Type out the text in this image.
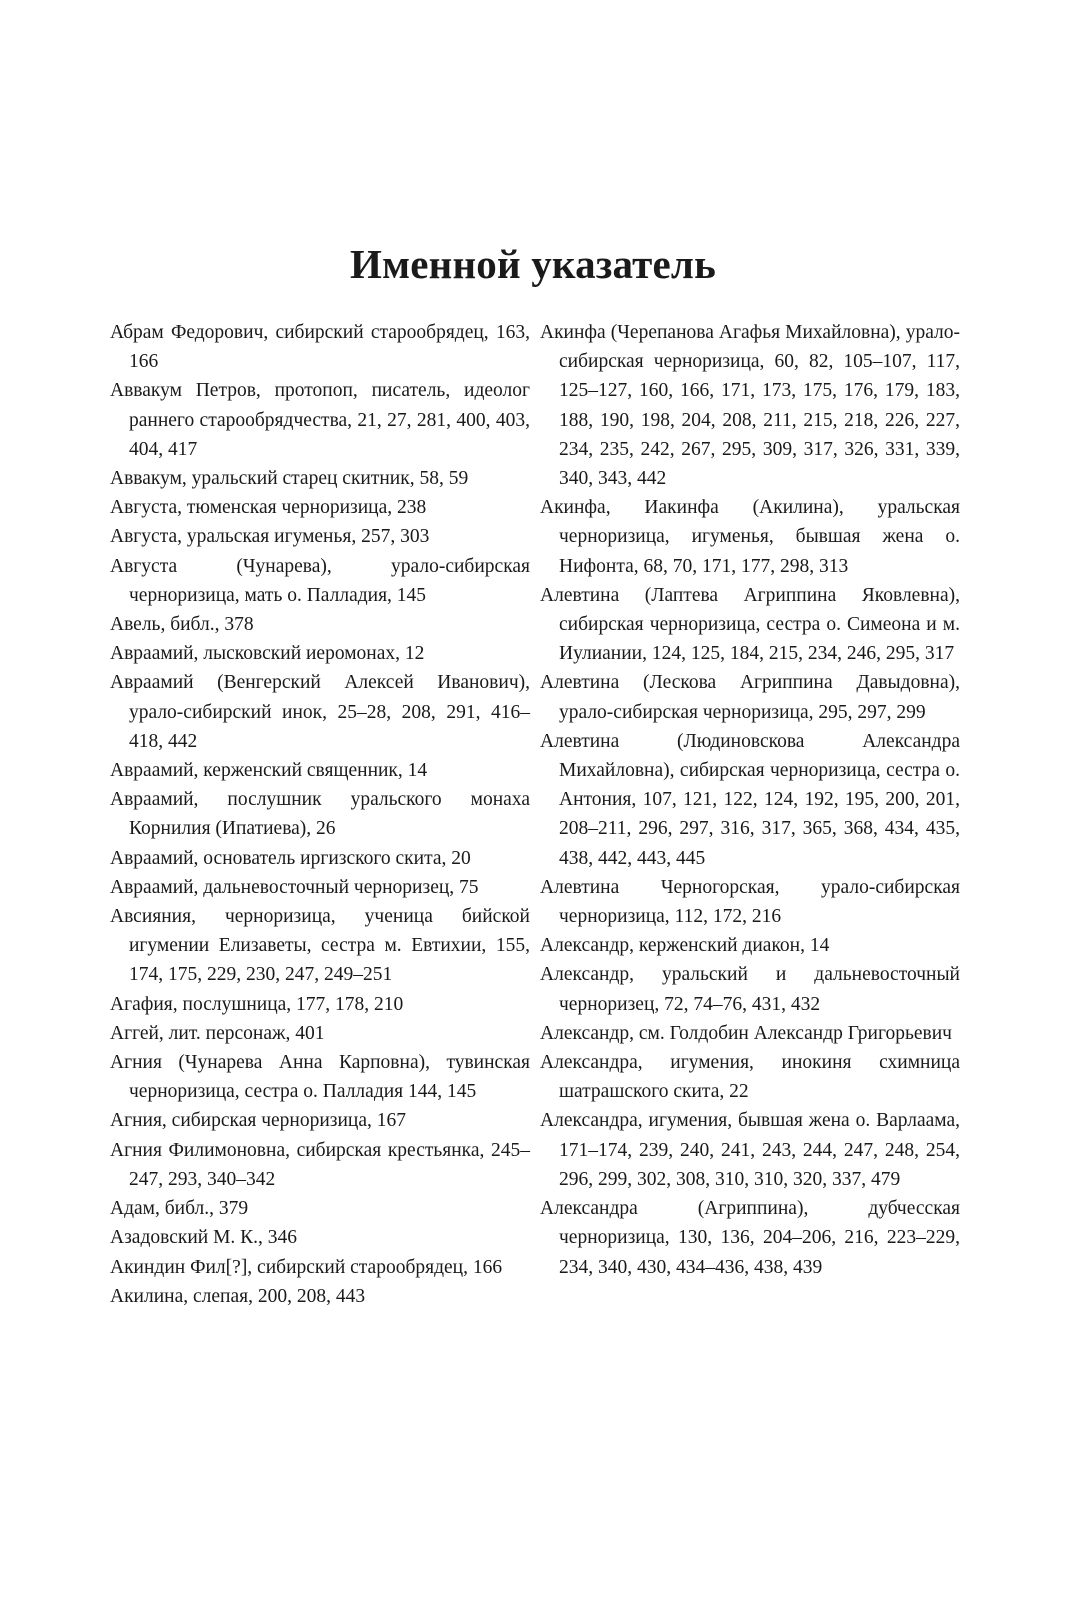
Именной указатель

Абрам Федорович, сибирский старообрядец, 163, 166

Аввакум Петров, протопоп, писатель, идеолог раннего старообрядчества, 21, 27, 281, 400, 403, 404, 417

Аввакум, уральский старец скитник, 58, 59

Августа, тюменская черноризица, 238

Августа, уральская игуменья, 257, 303

Августа (Чунарева), урало-сибирская черноризица, мать о. Палладия, 145

Авель, библ., 378

Авраамий, лысковский иеромонах, 12

Авраамий (Венгерский Алексей Иванович), урало-сибирский инок, 25–28, 208, 291, 416–418, 442

Авраамий, керженский священник, 14

Авраамий, послушник уральского монаха Корнилия (Ипатиева), 26

Авраамий, основатель иргизского скита, 20

Авраамий, дальневосточный черноризец, 75

Авсияния, черноризица, ученица бийской игумении Елизаветы, сестра м. Евтихии, 155, 174, 175, 229, 230, 247, 249–251

Агафия, послушница, 177, 178, 210

Аггей, лит. персонаж, 401

Агния (Чунарева Анна Карповна), тувинская черноризица, сестра о. Палладия 144, 145

Агния, сибирская черноризица, 167

Агния Филимоновна, сибирская крестьянка, 245–247, 293, 340–342

Адам, библ., 379

Азадовский М. К., 346

Акиндин Фил[?], сибирский старообрядец, 166

Акилина, слепая, 200, 208, 443

Акинфа (Черепанова Агафья Михайловна), урало-сибирская черноризица, 60, 82, 105–107, 117, 125–127, 160, 166, 171, 173, 175, 176, 179, 183, 188, 190, 198, 204, 208, 211, 215, 218, 226, 227, 234, 235, 242, 267, 295, 309, 317, 326, 331, 339, 340, 343, 442

Акинфа, Иакинфа (Акилина), уральская черноризица, игуменья, бывшая жена о. Нифонта, 68, 70, 171, 177, 298, 313

Алевтина (Лаптева Агриппина Яковлевна), сибирская черноризица, сестра о. Симеона и м. Иулиании, 124, 125, 184, 215, 234, 246, 295, 317

Алевтина (Лескова Агриппина Давыдовна), урало-сибирская черноризица, 295, 297, 299

Алевтина (Людиновскова Александра Михайловна), сибирская черноризица, сестра о. Антония, 107, 121, 122, 124, 192, 195, 200, 201, 208–211, 296, 297, 316, 317, 365, 368, 434, 435, 438, 442, 443, 445

Алевтина Черногорская, урало-сибирская черноризица, 112, 172, 216

Александр, керженский диакон, 14

Александр, уральский и дальневосточный черноризец, 72, 74–76, 431, 432

Александр, см. Голдобин Александр Григорьевич

Александра, игумения, инокиня схимница шатрашского скита, 22

Александра, игумения, бывшая жена о. Варлаама, 171–174, 239, 240, 241, 243, 244, 247, 248, 254, 296, 299, 302, 308, 310, 310, 320, 337, 479

Александра (Агриппина), дубчесская черноризица, 130, 136, 204–206, 216, 223–229, 234, 340, 430, 434–436, 438, 439
